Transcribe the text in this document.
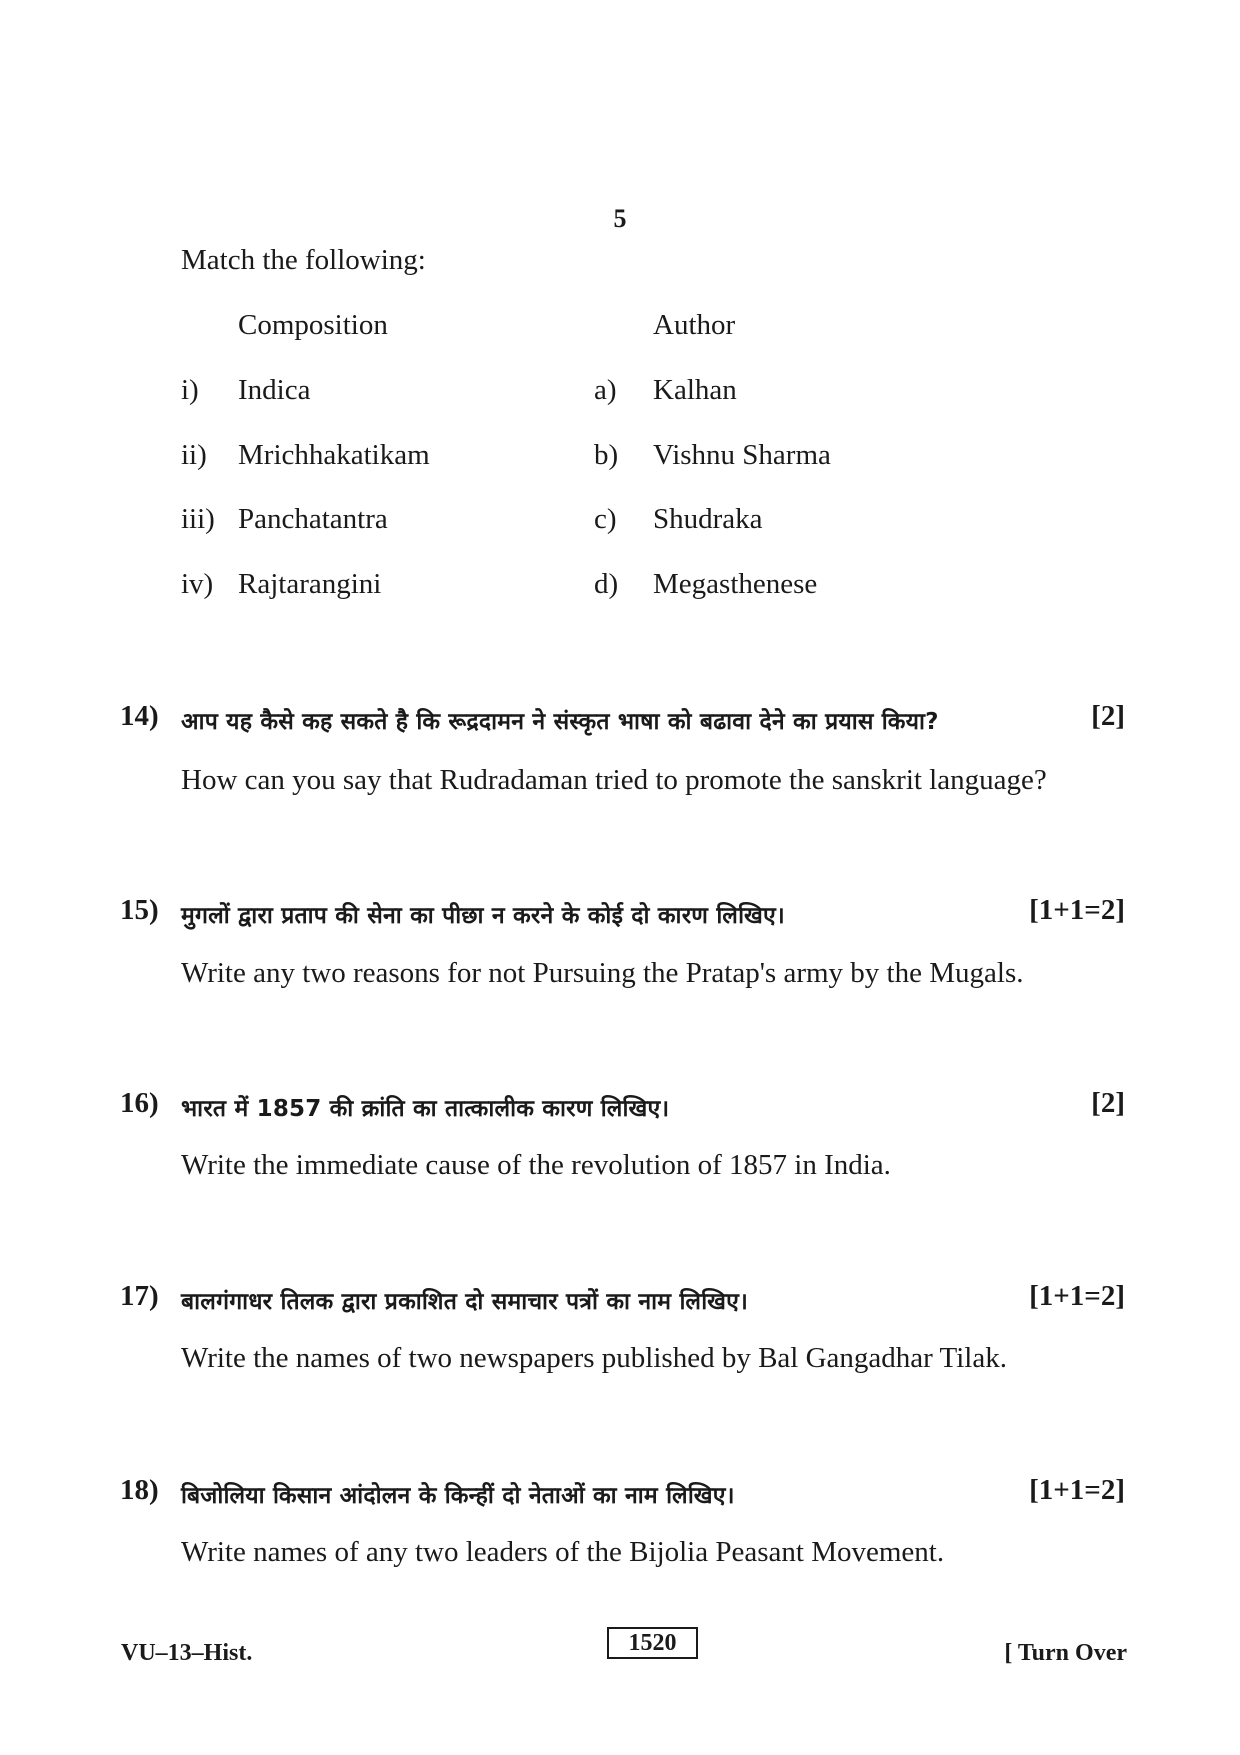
5
Match the following:
Composition	Author
i) Indica	a) Kalhan
ii) Mrichhakatikam	b) Vishnu Sharma
iii) Panchatantra	c) Shudraka
iv) Rajtarangini	d) Megasthenese
14) आप यह कैसे कह सकते है कि रूद्रदामन ने संस्कृत भाषा को बढावा देने का प्रयास किया?	[2]
How can you say that Rudradaman tried to promote the sanskrit language?
15) मुगलों द्वारा प्रताप की सेना का पीछा न करने के कोई दो कारण लिखिए।	[1+1=2]
Write any two reasons for not Pursuing the Pratap's army by the Mugals.
16) भारत में 1857 की क्रांति का तात्कालीक कारण लिखिए।	[2]
Write the immediate cause of the revolution of 1857 in India.
17) बालगंगाधर तिलक द्वारा प्रकाशित दो समाचार पत्रों का नाम लिखिए।	[1+1=2]
Write the names of two newspapers published by Bal Gangadhar Tilak.
18) बिजोलिया किसान आंदोलन के किन्हीं दो नेताओं का नाम लिखिए।	[1+1=2]
Write names of any two leaders of the Bijolia Peasant Movement.
VU–13–Hist.	1520	[ Turn Over
